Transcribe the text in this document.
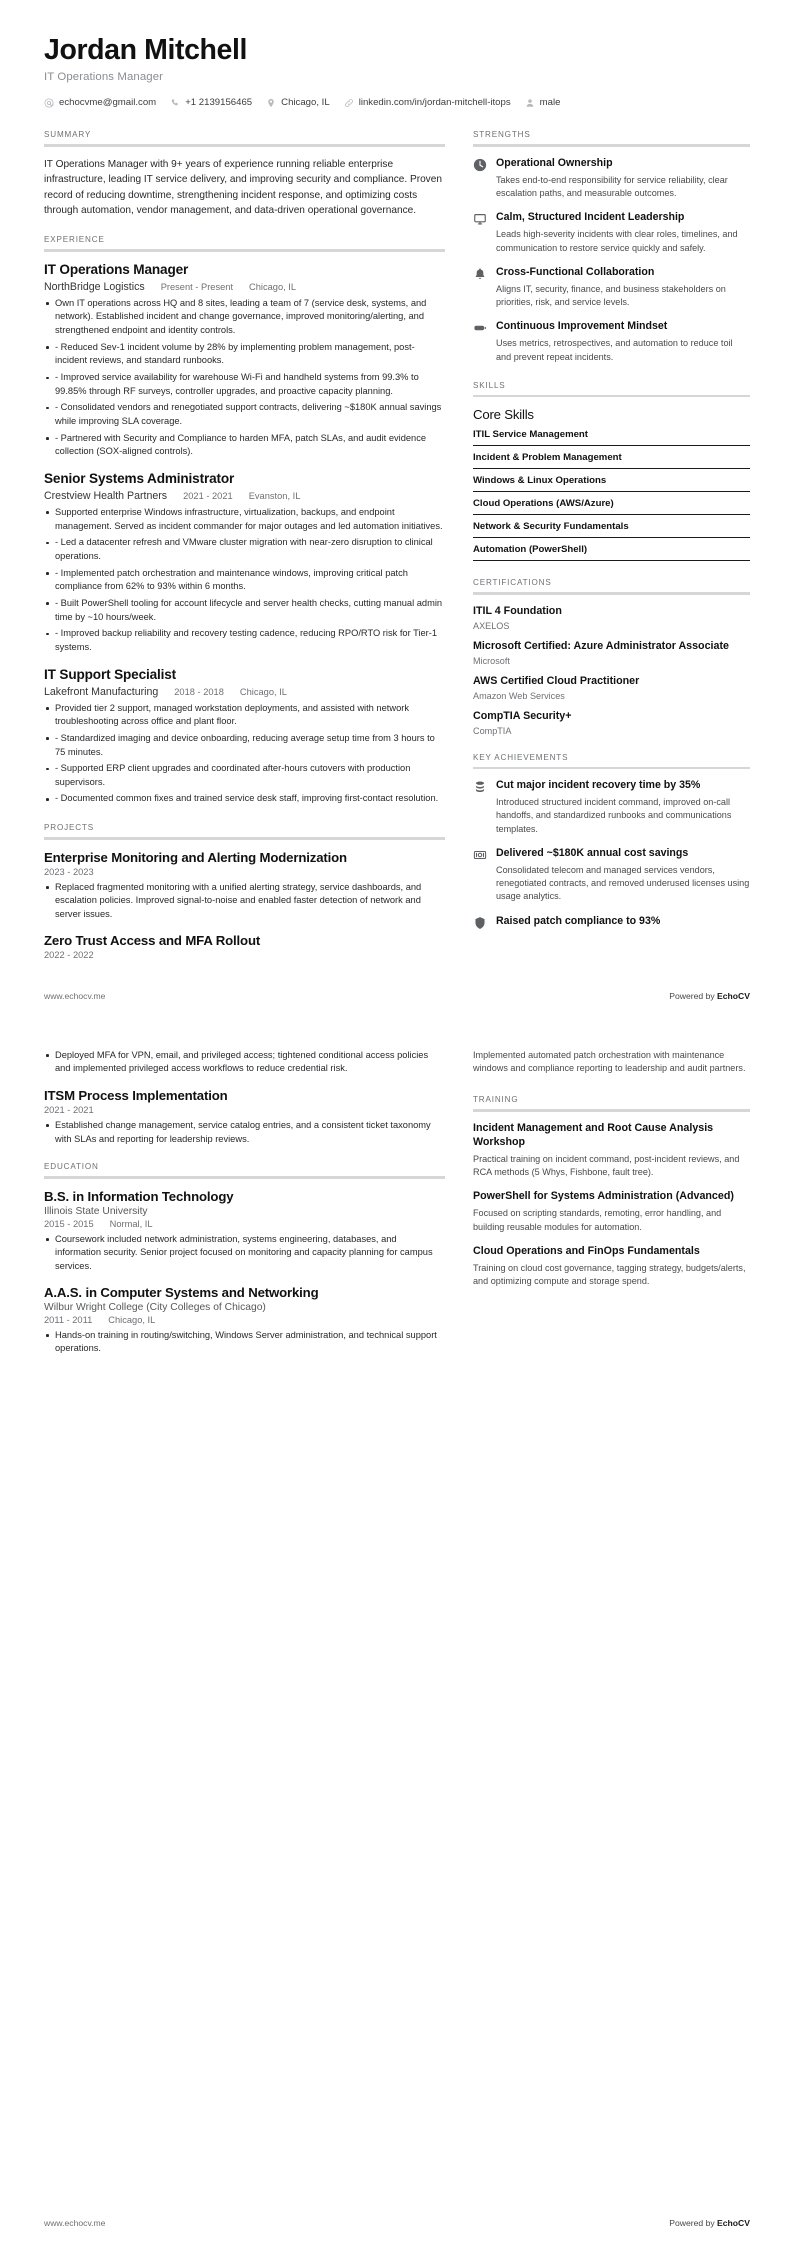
Jordan Mitchell
IT Operations Manager
echocvme@gmail.com	+1 2139156465	Chicago, IL	linkedin.com/in/jordan-mitchell-itops	male
SUMMARY
IT Operations Manager with 9+ years of experience running reliable enterprise infrastructure, leading IT service delivery, and improving security and compliance. Proven record of reducing downtime, strengthening incident response, and optimizing costs through automation, vendor management, and data-driven operational governance.
EXPERIENCE
IT Operations Manager
NorthBridge Logistics Present - Present Chicago, IL
Own IT operations across HQ and 8 sites, leading a team of 7 (service desk, systems, and network). Established incident and change governance, improved monitoring/alerting, and strengthened endpoint and identity controls.
- Reduced Sev-1 incident volume by 28% by implementing problem management, post-incident reviews, and standard runbooks.
- Improved service availability for warehouse Wi-Fi and handheld systems from 99.3% to 99.85% through RF surveys, controller upgrades, and proactive capacity planning.
- Consolidated vendors and renegotiated support contracts, delivering ~$180K annual savings while improving SLA coverage.
- Partnered with Security and Compliance to harden MFA, patch SLAs, and audit evidence collection (SOX-aligned controls).
Senior Systems Administrator
Crestview Health Partners 2021 - 2021 Evanston, IL
Supported enterprise Windows infrastructure, virtualization, backups, and endpoint management. Served as incident commander for major outages and led automation initiatives.
- Led a datacenter refresh and VMware cluster migration with near-zero disruption to clinical operations.
- Implemented patch orchestration and maintenance windows, improving critical patch compliance from 62% to 93% within 6 months.
- Built PowerShell tooling for account lifecycle and server health checks, cutting manual admin time by ~10 hours/week.
- Improved backup reliability and recovery testing cadence, reducing RPO/RTO risk for Tier-1 systems.
IT Support Specialist
Lakefront Manufacturing 2018 - 2018 Chicago, IL
Provided tier 2 support, managed workstation deployments, and assisted with network troubleshooting across office and plant floor.
- Standardized imaging and device onboarding, reducing average setup time from 3 hours to 75 minutes.
- Supported ERP client upgrades and coordinated after-hours cutovers with production supervisors.
- Documented common fixes and trained service desk staff, improving first-contact resolution.
PROJECTS
Enterprise Monitoring and Alerting Modernization
2023 - 2023
Replaced fragmented monitoring with a unified alerting strategy, service dashboards, and escalation policies. Improved signal-to-noise and enabled faster detection of network and server issues.
Zero Trust Access and MFA Rollout
2022 - 2022
STRENGTHS
Operational Ownership
Takes end-to-end responsibility for service reliability, clear escalation paths, and measurable outcomes.
Calm, Structured Incident Leadership
Leads high-severity incidents with clear roles, timelines, and communication to restore service quickly and safely.
Cross-Functional Collaboration
Aligns IT, security, finance, and business stakeholders on priorities, risk, and service levels.
Continuous Improvement Mindset
Uses metrics, retrospectives, and automation to reduce toil and prevent repeat incidents.
SKILLS
Core Skills
ITIL Service Management
Incident & Problem Management
Windows & Linux Operations
Cloud Operations (AWS/Azure)
Network & Security Fundamentals
Automation (PowerShell)
CERTIFICATIONS
ITIL 4 Foundation
AXELOS
Microsoft Certified: Azure Administrator Associate
Microsoft
AWS Certified Cloud Practitioner
Amazon Web Services
CompTIA Security+
CompTIA
KEY ACHIEVEMENTS
Cut major incident recovery time by 35%
Introduced structured incident command, improved on-call handoffs, and standardized runbooks and communications templates.
Delivered ~$180K annual cost savings
Consolidated telecom and managed services vendors, renegotiated contracts, and removed underused licenses using usage analytics.
Raised patch compliance to 93%
www.echocv.me	Powered by EchoCV
Deployed MFA for VPN, email, and privileged access; tightened conditional access policies and implemented privileged access workflows to reduce credential risk.
ITSM Process Implementation
2021 - 2021
Established change management, service catalog entries, and a consistent ticket taxonomy with SLAs and reporting for leadership reviews.
EDUCATION
B.S. in Information Technology
Illinois State University
2015 - 2015 Normal, IL
Coursework included network administration, systems engineering, databases, and information security. Senior project focused on monitoring and capacity planning for campus services.
A.A.S. in Computer Systems and Networking
Wilbur Wright College (City Colleges of Chicago)
2011 - 2011 Chicago, IL
Hands-on training in routing/switching, Windows Server administration, and technical support operations.
Implemented automated patch orchestration with maintenance windows and compliance reporting to leadership and audit partners.
TRAINING
Incident Management and Root Cause Analysis Workshop
Practical training on incident command, post-incident reviews, and RCA methods (5 Whys, Fishbone, fault tree).
PowerShell for Systems Administration (Advanced)
Focused on scripting standards, remoting, error handling, and building reusable modules for automation.
Cloud Operations and FinOps Fundamentals
Training on cloud cost governance, tagging strategy, budgets/alerts, and optimizing compute and storage spend.
www.echocv.me	Powered by EchoCV
